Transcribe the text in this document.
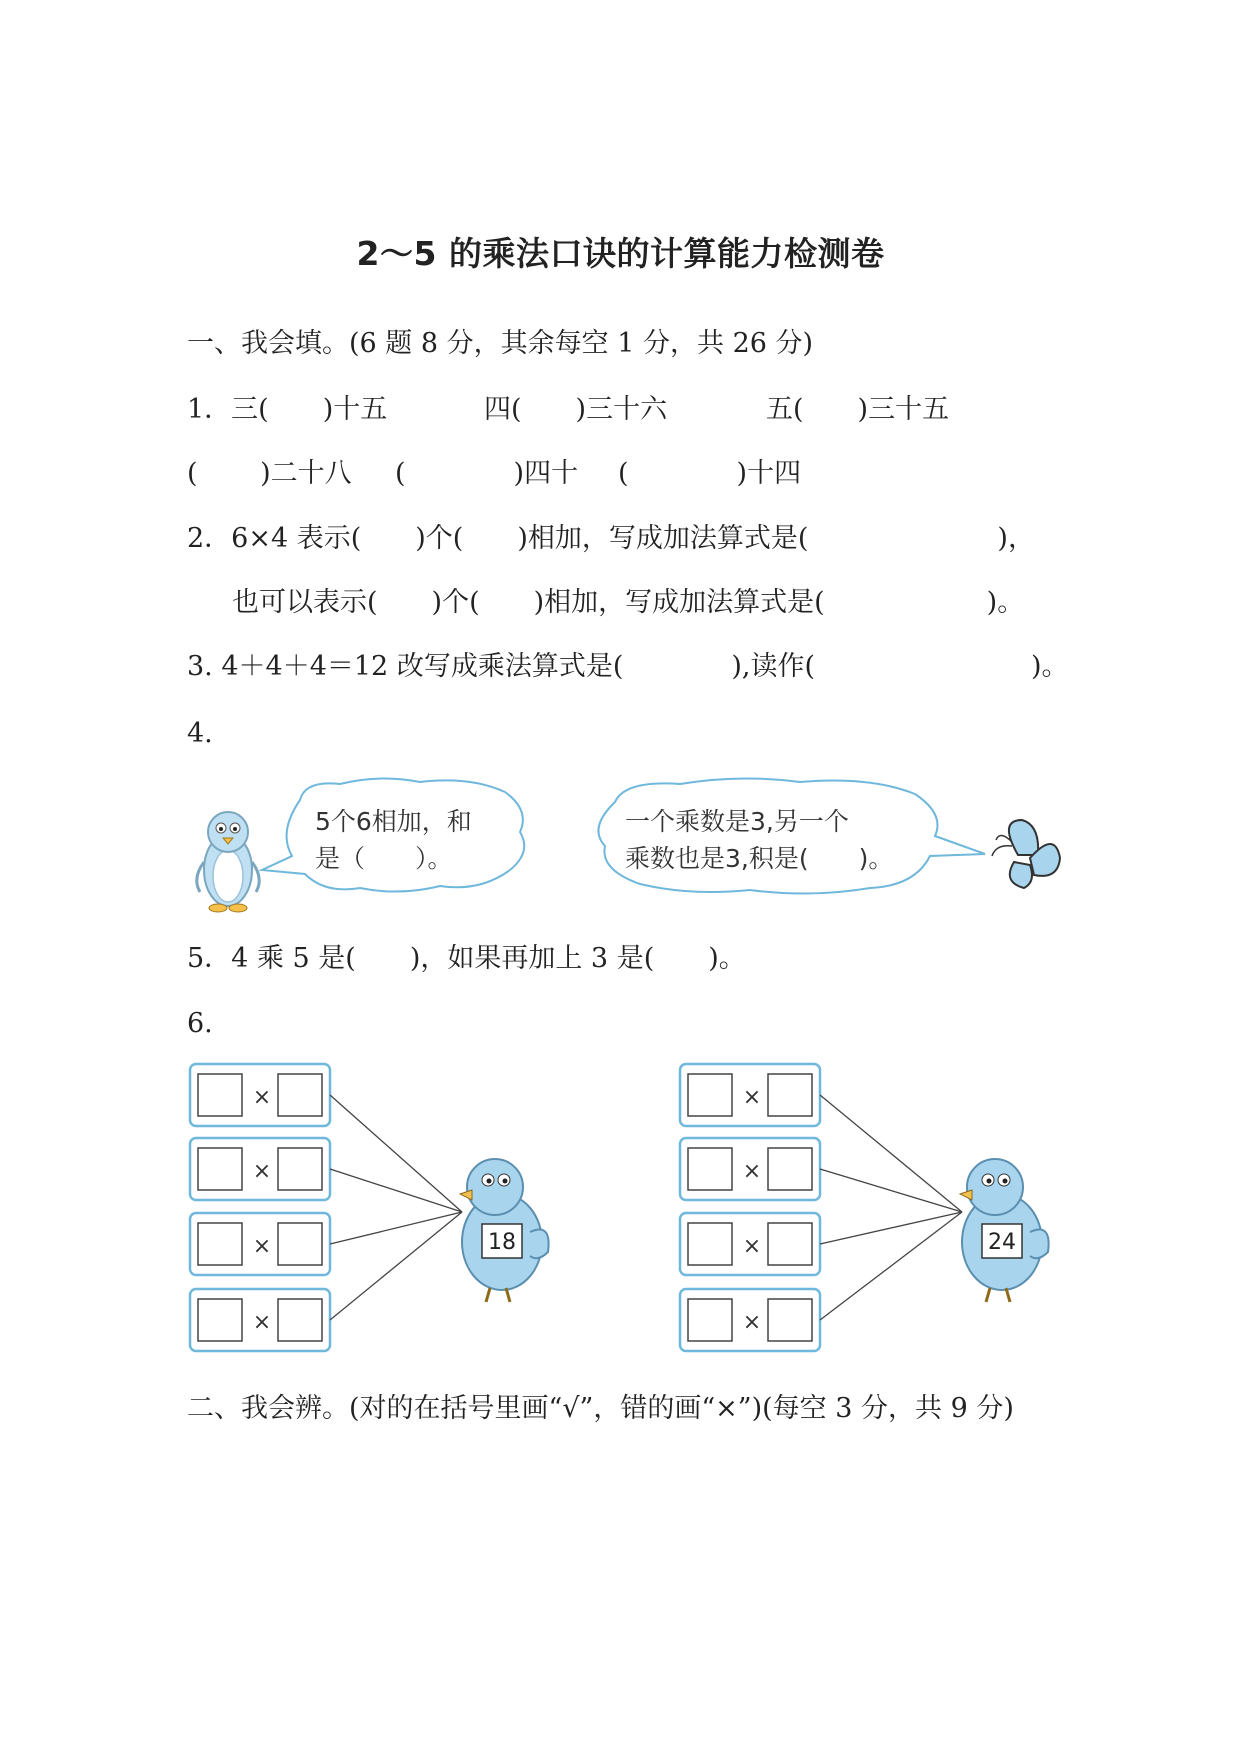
2～5 的乘法口诀的计算能力检测卷
一、我会填。(6 题 8 分，其余每空 1 分，共 26 分)
1．三(　　)十五	四(　　)三十六	五(　　)三十五
(　　 )二十八 (　　　　)四十 (　　　　)十四
2．6×4 表示(　　)个(　　)相加，写成加法算式是(　　　　　　　)，
也可以表示(　　)个(　　)相加，写成加法算式是(　　　　　　)。
3. 4＋4＋4＝12 改写成乘法算式是(　　　　),读作(　　　　　　　　)。
4.
5个6相加，和
是（　　）。
一个乘数是3,另一个
乘数也是3,积是(　　)。
5．4 乘 5 是(　　)，如果再加上 3 是(　　)。
6.
×
×
×
×
18
×
×
×
×
24
二、我会辨。(对的在括号里画“√”，错的画“×”)(每空 3 分，共 9 分)
